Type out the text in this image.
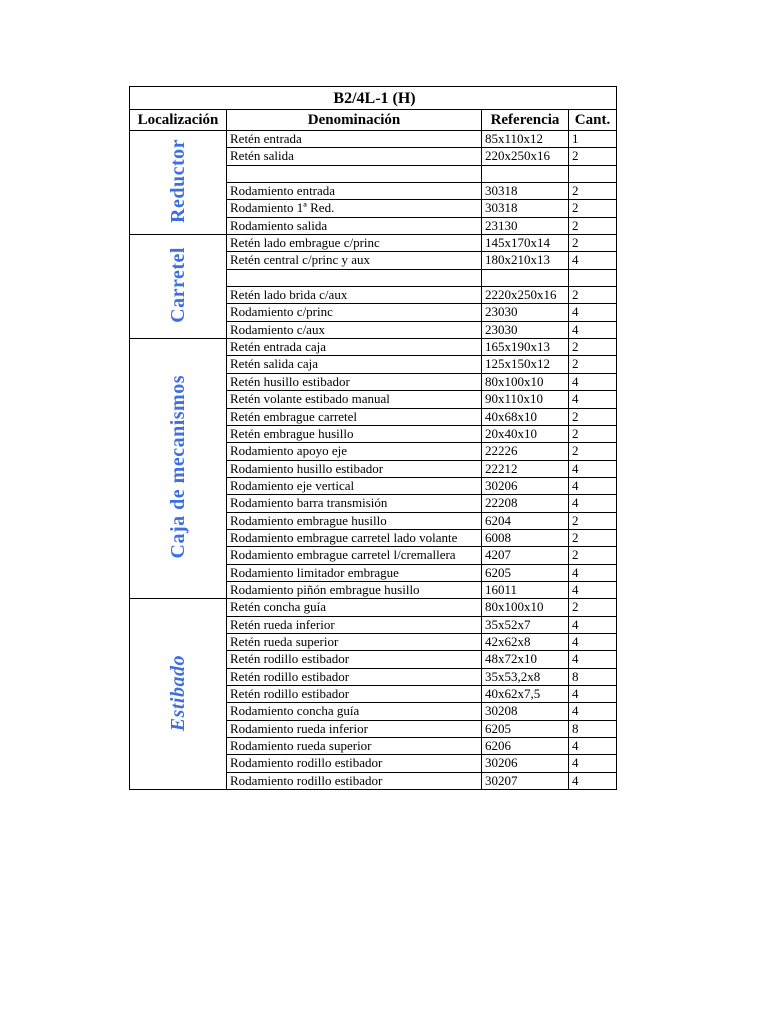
B2/4L-1 (H)			
Localización	Denominación	Referencia	Cant.
Reductor	Retén entrada	85x110x12	1
	Retén salida	220x250x16	2

	Rodamiento entrada	30318	2
	Rodamiento 1ª Red.	30318	2
	Rodamiento salida	23130	2
Carretel	Retén lado embrague c/princ	145x170x14	2
	Retén central c/princ y aux	180x210x13	4

	Retén lado brida c/aux	2220x250x16	2
	Rodamiento c/princ	23030	4
	Rodamiento c/aux	23030	4
Caja de mecanismos	Retén entrada caja	165x190x13	2
	Retén salida caja	125x150x12	2
	Retén husillo estibador	80x100x10	4
	Retén volante estibado manual	90x110x10	4
	Retén embrague carretel	40x68x10	2
	Retén embrague husillo	20x40x10	2
	Rodamiento apoyo eje	22226	2
	Rodamiento husillo estibador	22212	4
	Rodamiento eje vertical	30206	4
	Rodamiento barra transmisión	22208	4
	Rodamiento embrague husillo	6204	2
	Rodamiento embrague carretel lado volante	6008	2
	Rodamiento embrague carretel l/cremallera	4207	2
	Rodamiento limitador embrague	6205	4
	Rodamiento piñón embrague husillo	16011	4
Estibado	Retén concha guía	80x100x10	2
	Retén rueda inferior	35x52x7	4
	Retén rueda superior	42x62x8	4
	Retén rodillo estibador	48x72x10	4
	Retén rodillo estibador	35x53,2x8	8
	Retén rodillo estibador	40x62x7,5	4
	Rodamiento concha guía	30208	4
	Rodamiento rueda inferior	6205	8
	Rodamiento rueda superior	6206	4
	Rodamiento rodillo estibador	30206	4
	Rodamiento rodillo estibador	30207	4
